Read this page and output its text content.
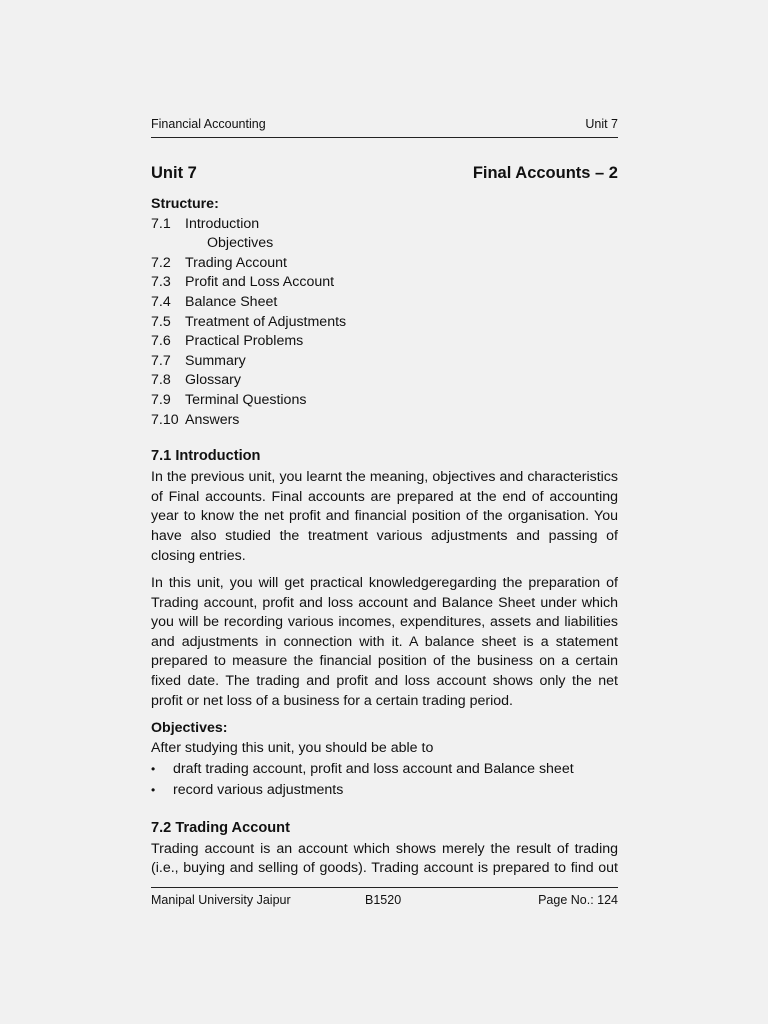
Financial Accounting	Unit 7
Unit 7	Final Accounts – 2
Structure:
7.1 Introduction
Objectives
7.2 Trading Account
7.3 Profit and Loss Account
7.4 Balance Sheet
7.5 Treatment of Adjustments
7.6 Practical Problems
7.7 Summary
7.8 Glossary
7.9 Terminal Questions
7.10 Answers
7.1 Introduction

In the previous unit, you learnt the meaning, objectives and characteristics of Final accounts. Final accounts are prepared at the end of accounting year to know the net profit and financial position of the organisation. You have also studied the treatment various adjustments and passing of closing entries.

In this unit, you will get practical knowledgeregarding the preparation of Trading account, profit and loss account and Balance Sheet under which you will be recording various incomes, expenditures, assets and liabilities and adjustments in connection with it. A balance sheet is a statement prepared to measure the financial position of the business on a certain fixed date. The trading and profit and loss account shows only the net profit or net loss of a business for a certain trading period.

Objectives:
After studying this unit, you should be able to
• draft trading account, profit and loss account and Balance sheet
• record various adjustments
7.2 Trading Account

Trading account is an account which shows merely the result of trading (i.e., buying and selling of goods). Trading account is prepared to find out

Manipal University Jaipur	B1520	Page No.: 124
